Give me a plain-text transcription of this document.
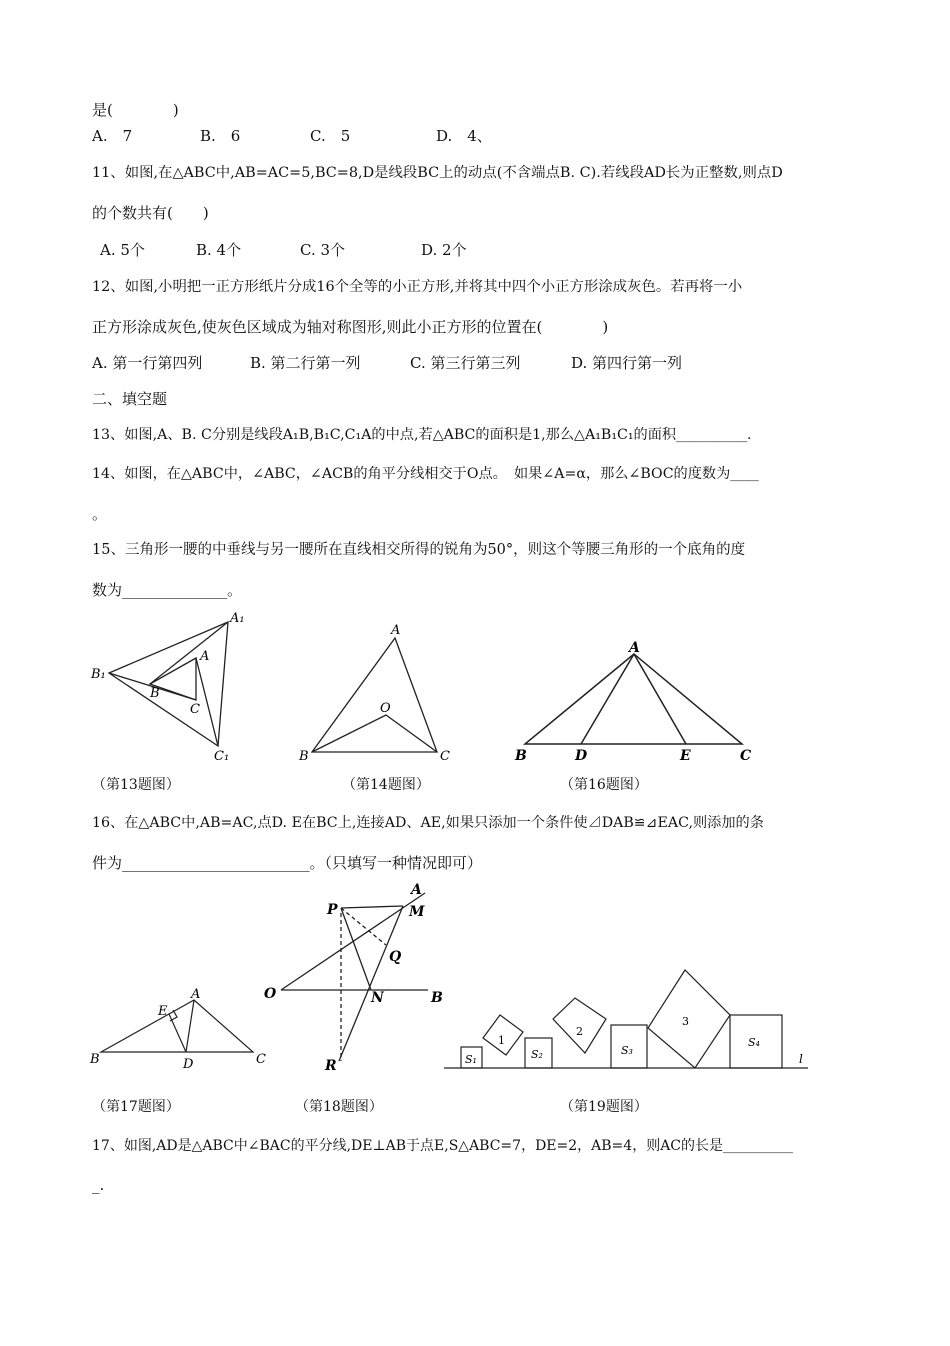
是(　　　　)
A.　7	B.　6	C.　5	D.　4、
11、如图,在△ABC中,AB=AC=5,BC=8,D是线段BC上的动点(不含端点B. C).若线段AD长为正整数,则点D
的个数共有(　　)
A. 5个	B. 4个	C. 3个	D. 2个
12、如图,小明把一正方形纸片分成16个全等的小正方形,并将其中四个小正方形涂成灰色。若再将一小
正方形涂成灰色,使灰色区域成为轴对称图形,则此小正方形的位置在(　　　　)
A. 第一行第四列	B. 第二行第一列	C. 第三行第三列	D. 第四行第一列
二、填空题
13、如图,A、B. C分别是线段A₁B,B₁C,C₁A的中点,若△ABC的面积是1,那么△A₁B₁C₁的面积__________.
14、如图，在△ABC中，∠ABC，∠ACB的角平分线相交于O点。　如果∠A=α，那么∠BOC的度数为____
。
15、三角形一腰的中垂线与另一腰所在直线相交所得的锐角为50°，则这个等腰三角形的一个底角的度
数为______________。
A₁
A
B₁
B
C
C₁
A
O
B	C
A
B	D	E	C
（第13题图）	（第14题图）	（第16题图）
16、在△ABC中,AB=AC,点D. E在BC上,连接AD、AE,如果只添加一个条件使⊿DAB≌⊿EAC,则添加的条
件为_________________________。（只填写一种情况即可）
A
E
B	D	C
P
A
M
Q
O	N	B
R	S₁
1
S₂
2
S₃
3
S₄
l
（第17题图）	（第18题图）	（第19题图）
17、如图,AD是△ABC中∠BAC的平分线,DE⊥AB于点E,S△ABC=7，DE=2，AB=4，则AC的长是__________
_.
